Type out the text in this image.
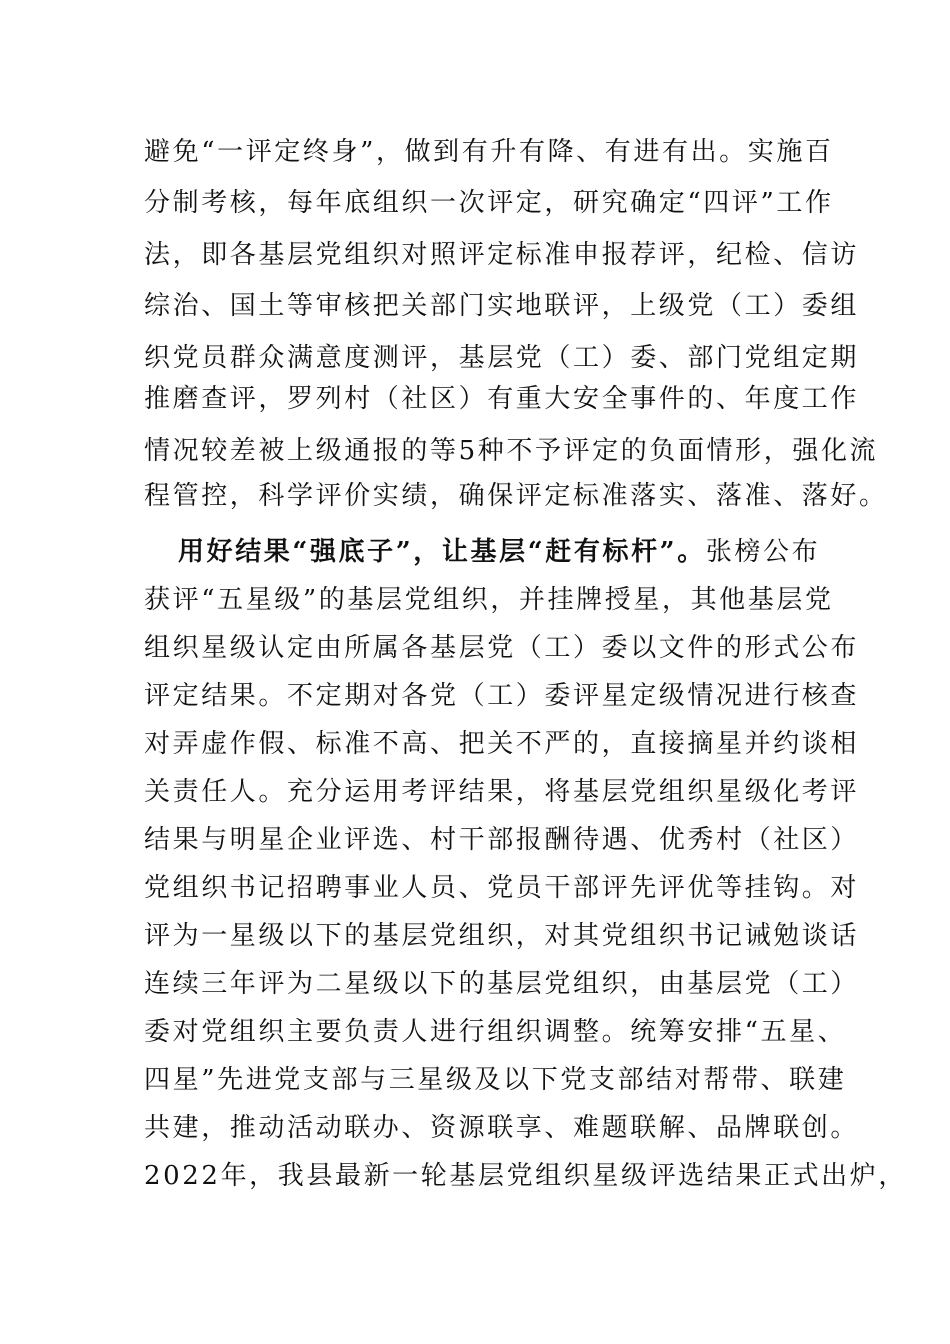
避免“一评定终身”，做到有升有降、有进有出。实施百
分制考核，每年底组织一次评定，研究确定“四评”工作
法，即各基层党组织对照评定标准申报荐评，纪检、信访
综治、国土等审核把关部门实地联评，上级党（工）委组
织党员群众满意度测评，基层党（工）委、部门党组定期
推磨查评，罗列村（社区）有重大安全事件的、年度工作
情况较差被上级通报的等5种不予评定的负面情形，强化流
程管控，科学评价实绩，确保评定标准落实、落准、落好。
用好结果“强底子”，让基层“赶有标杆”。张榜公布
获评“五星级”的基层党组织，并挂牌授星，其他基层党
组织星级认定由所属各基层党（工）委以文件的形式公布
评定结果。不定期对各党（工）委评星定级情况进行核查
对弄虚作假、标准不高、把关不严的，直接摘星并约谈相
关责任人。充分运用考评结果，将基层党组织星级化考评
结果与明星企业评选、村干部报酬待遇、优秀村（社区）
党组织书记招聘事业人员、党员干部评先评优等挂钩。对
评为一星级以下的基层党组织，对其党组织书记诫勉谈话
连续三年评为二星级以下的基层党组织，由基层党（工）
委对党组织主要负责人进行组织调整。统筹安排“五星、
四星”先进党支部与三星级及以下党支部结对帮带、联建
共建，推动活动联办、资源联享、难题联解、品牌联创。
2022年，我县最新一轮基层党组织星级评选结果正式出炉，
